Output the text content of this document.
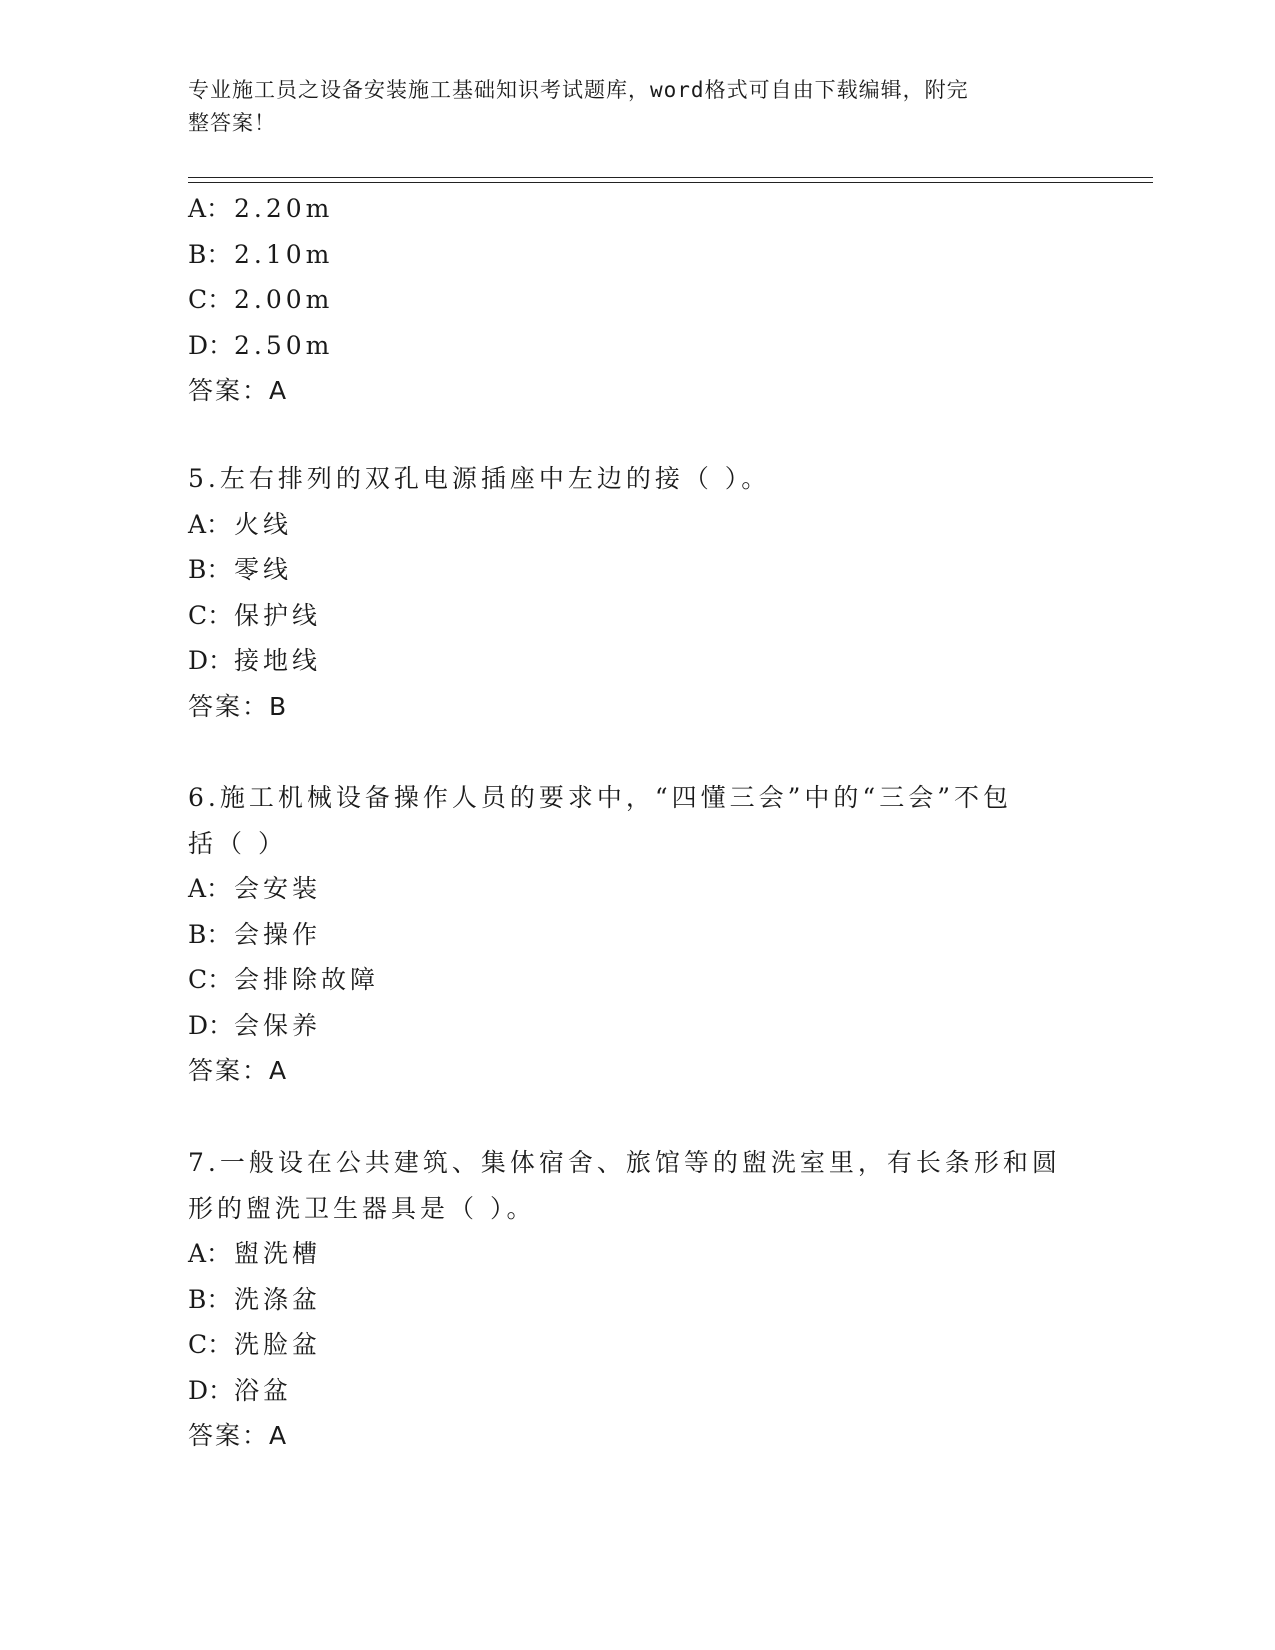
专业施工员之设备安装施工基础知识考试题库，word格式可自由下载编辑，附完
整答案！
A： 2.20m
B： 2.10m
C：2.00m
D：2.50m
答案：A
5.左右排列的双孔电源插座中左边的接（ ）。
A： 火线
B： 零线
C：保护线
D：接地线
答案：B
6.施工机械设备操作人员的要求中，“四懂三会”中的“三会”不包
括（ ）
A： 会安装
B： 会操作
C：会排除故障
D：会保养
答案：A
7.一般设在公共建筑、集体宿舍、旅馆等的盥洗室里，有长条形和圆
形的盥洗卫生器具是（ ）。
A： 盥洗槽
B： 洗涤盆
C：洗脸盆
D：浴盆
答案：A
